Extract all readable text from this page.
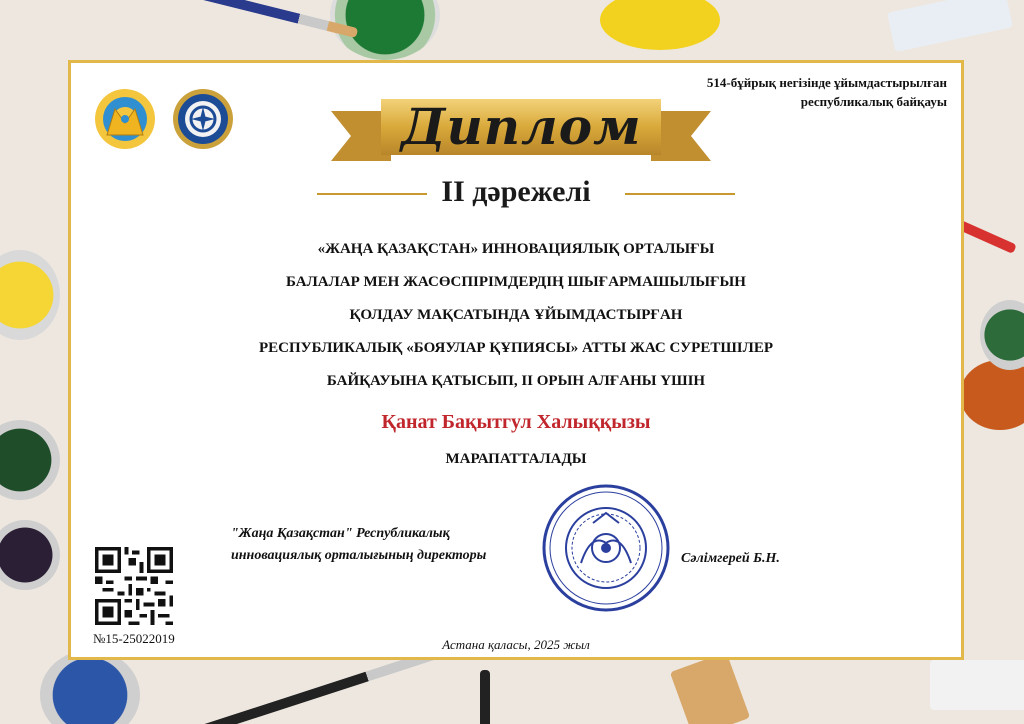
514-бұйрық негізінде ұйымдастырылған
республикалық байқауы
Диплом
ІІ дәрежелі
«ЖАҢА ҚАЗАҚСТАН» ИННОВАЦИЯЛЫҚ ОРТАЛЫҒЫ
БАЛАЛАР МЕН ЖАСӨСПІРІМДЕРДІҢ ШЫҒАРМАШЫЛЫҒЫН
ҚОЛДАУ МАҚСАТЫНДА ҰЙЫМДАСТЫРҒАН
РЕСПУБЛИКАЛЫҚ «БОЯУЛАР ҚҰПИЯСЫ» АТТЫ ЖАС СУРЕТШІЛЕР
БАЙҚАУЫНА ҚАТЫСЫП, ІІ ОРЫН АЛҒАНЫ ҮШІН
Қанат Бақытгул Халыққызы
МАРАПАТТАЛАДЫ
"Жаңа Қазақстан" Республикалық
инновациялық орталығының директоры	Сәлімгерей Б.Н.
№15-25022019	Астана қаласы, 2025 жыл
